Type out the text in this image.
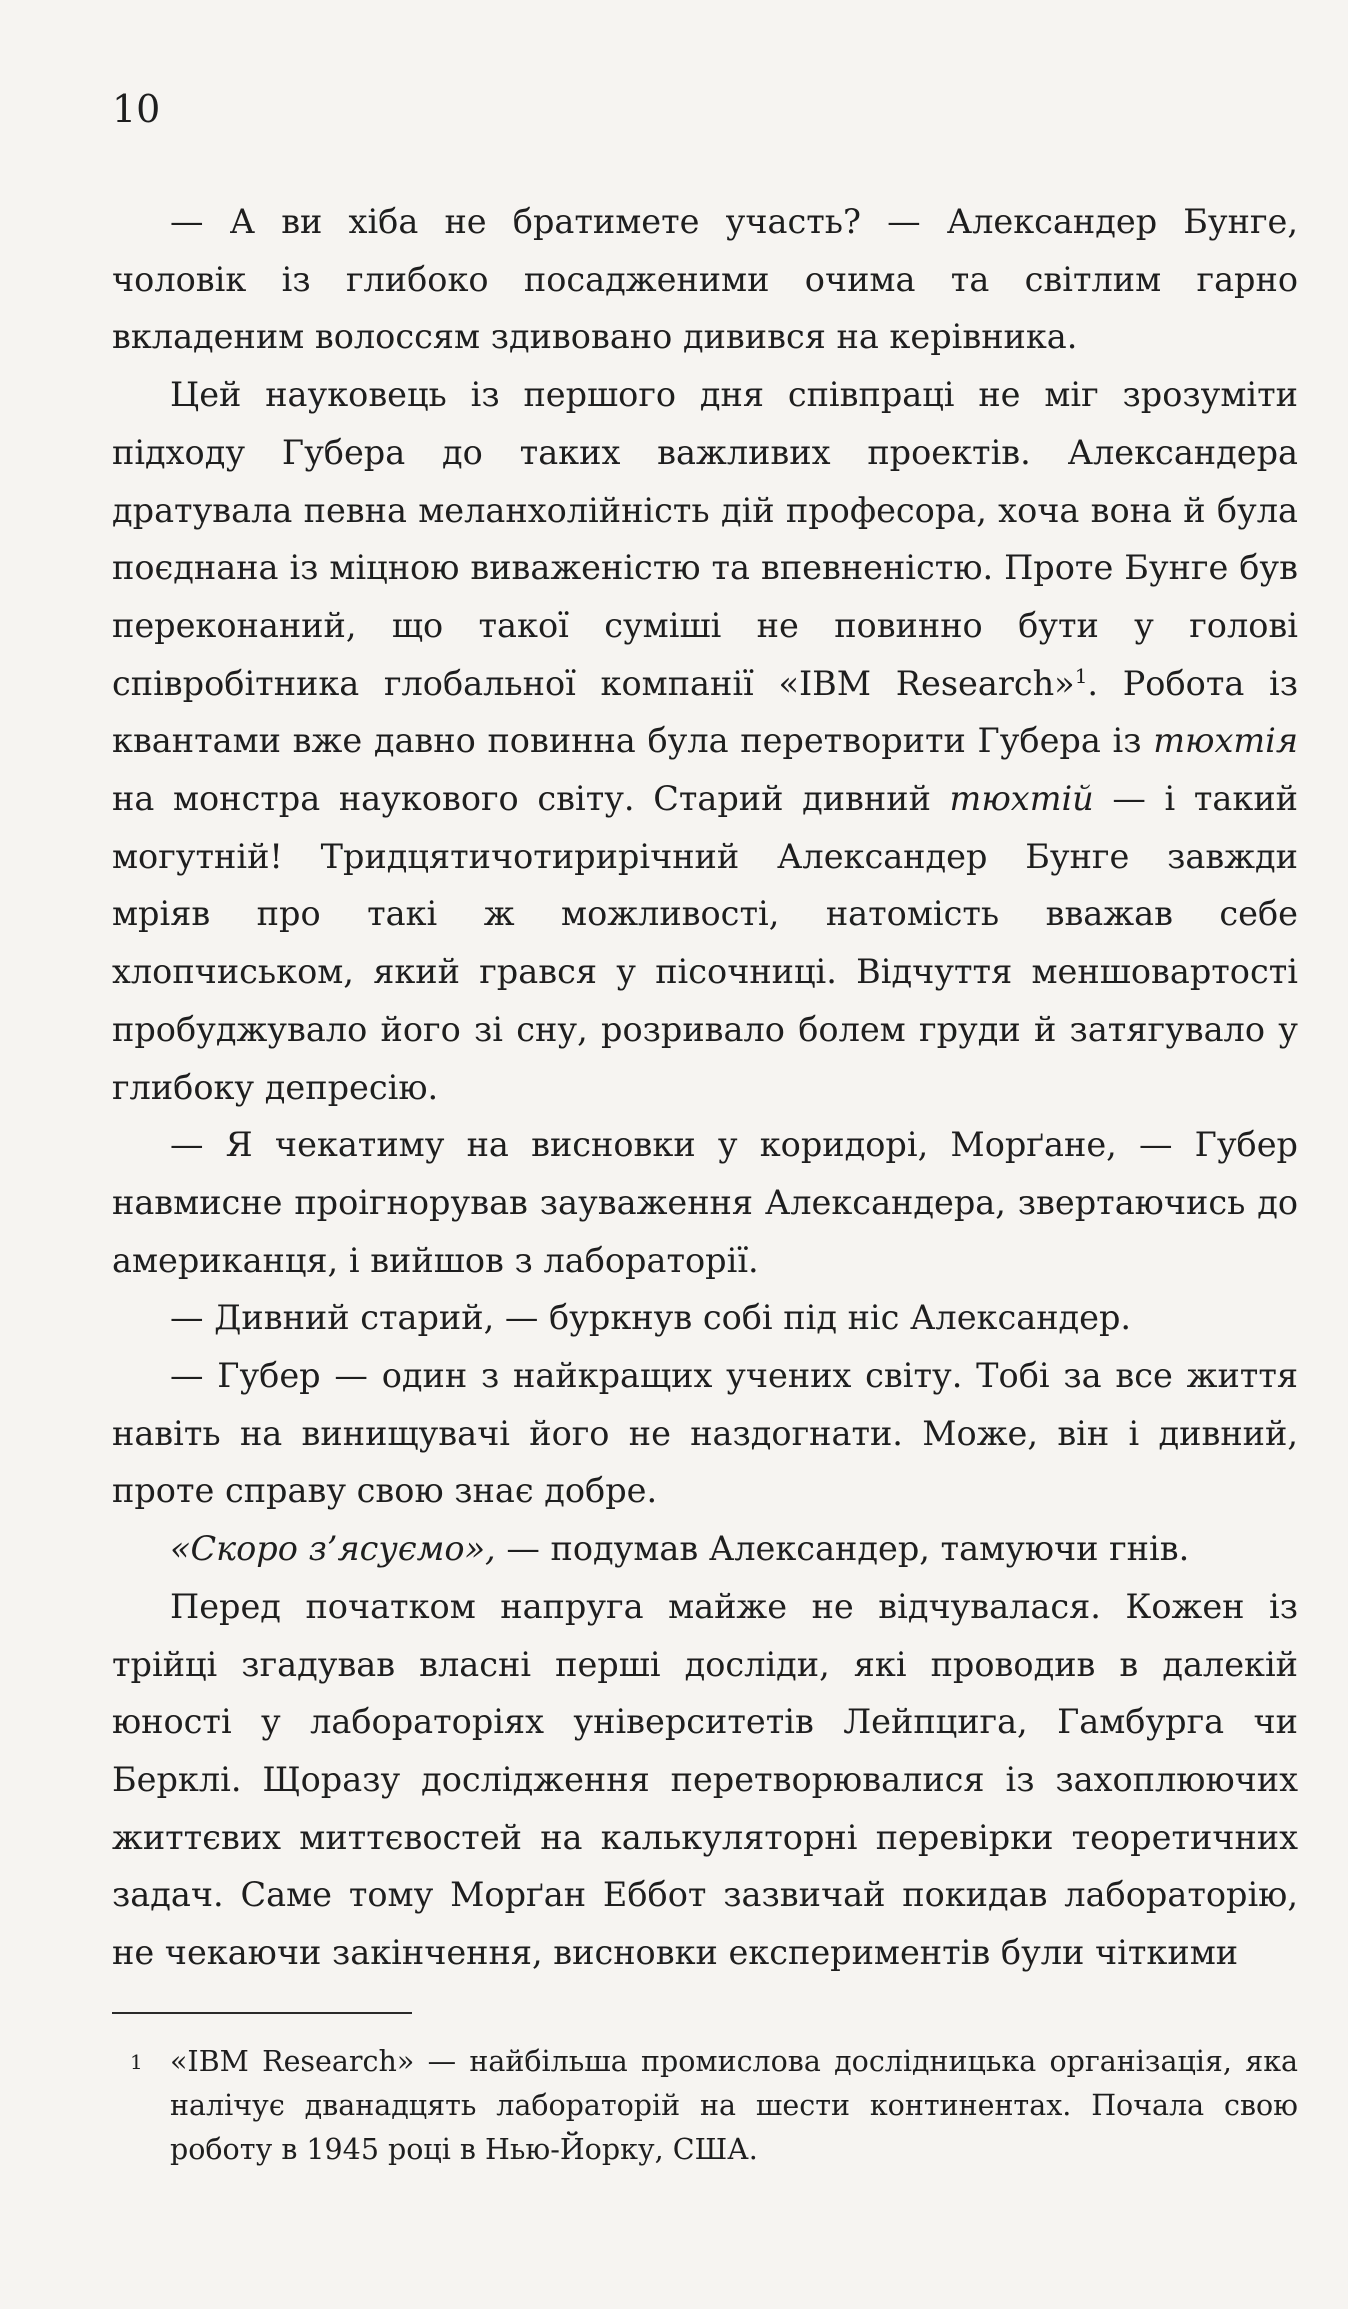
10

— А ви хіба не братимете участь? — Александер Бунге, чоловік із глибоко посадженими очима та світлим гарно вкладеним волоссям здивовано дивився на керівника.

Цей науковець із першого дня співпраці не міг зрозуміти підходу Губера до таких важливих проектів. Александера дратувала певна меланхолійність дій професора, хоча вона й була поєднана із міцною виваженістю та впевненістю. Проте Бунге був переконаний, що такої суміші не повинно бути у голові співробітника глобальної компанії «IBM Research»$^1$. Робота із квантами вже давно повинна була перетворити Губера із тюхтія на монстра наукового світу. Старий дивний тюхтій — і такий могутній! Тридцятичотирирічний Александер Бунге завжди мріяв про такі ж можливості, натомість вважав себе хлопчиськом, який грався у пісочниці. Відчуття меншовартості пробуджувало його зі сну, розривало болем груди й затягувало у глибоку депресію.

— Я чекатиму на висновки у коридорі, Морґане, — Губер навмисне проігнорував зауваження Александера, звертаючись до американця, і вийшов з лабораторії.

— Дивний старий, — буркнув собі під ніс Александер.

— Губер — один з найкращих учених світу. Тобі за все життя навіть на винищувачі його не наздогнати. Може, він і дивний, проте справу свою знає добре.

«Скоро з’ясуємо», — подумав Александер, тамуючи гнів.

Перед початком напруга майже не відчувалася. Кожен із трійці згадував власні перші досліди, які проводив в далекій юності у лабораторіях університетів Лейпцига, Гамбурга чи Берклі. Щоразу дослідження перетворювалися із захоплюючих життєвих миттєвостей на калькуляторні перевірки теоретичних задач. Саме тому Морґан Еббот зазвичай покидав лабораторію, не чекаючи закінчення, висновки експериментів були чіткими

1 «IBM Research» — найбільша промислова дослідницька організація, яка налічує дванадцять лабораторій на шести континентах. Почала свою роботу в 1945 році в Нью-Йорку, США.
